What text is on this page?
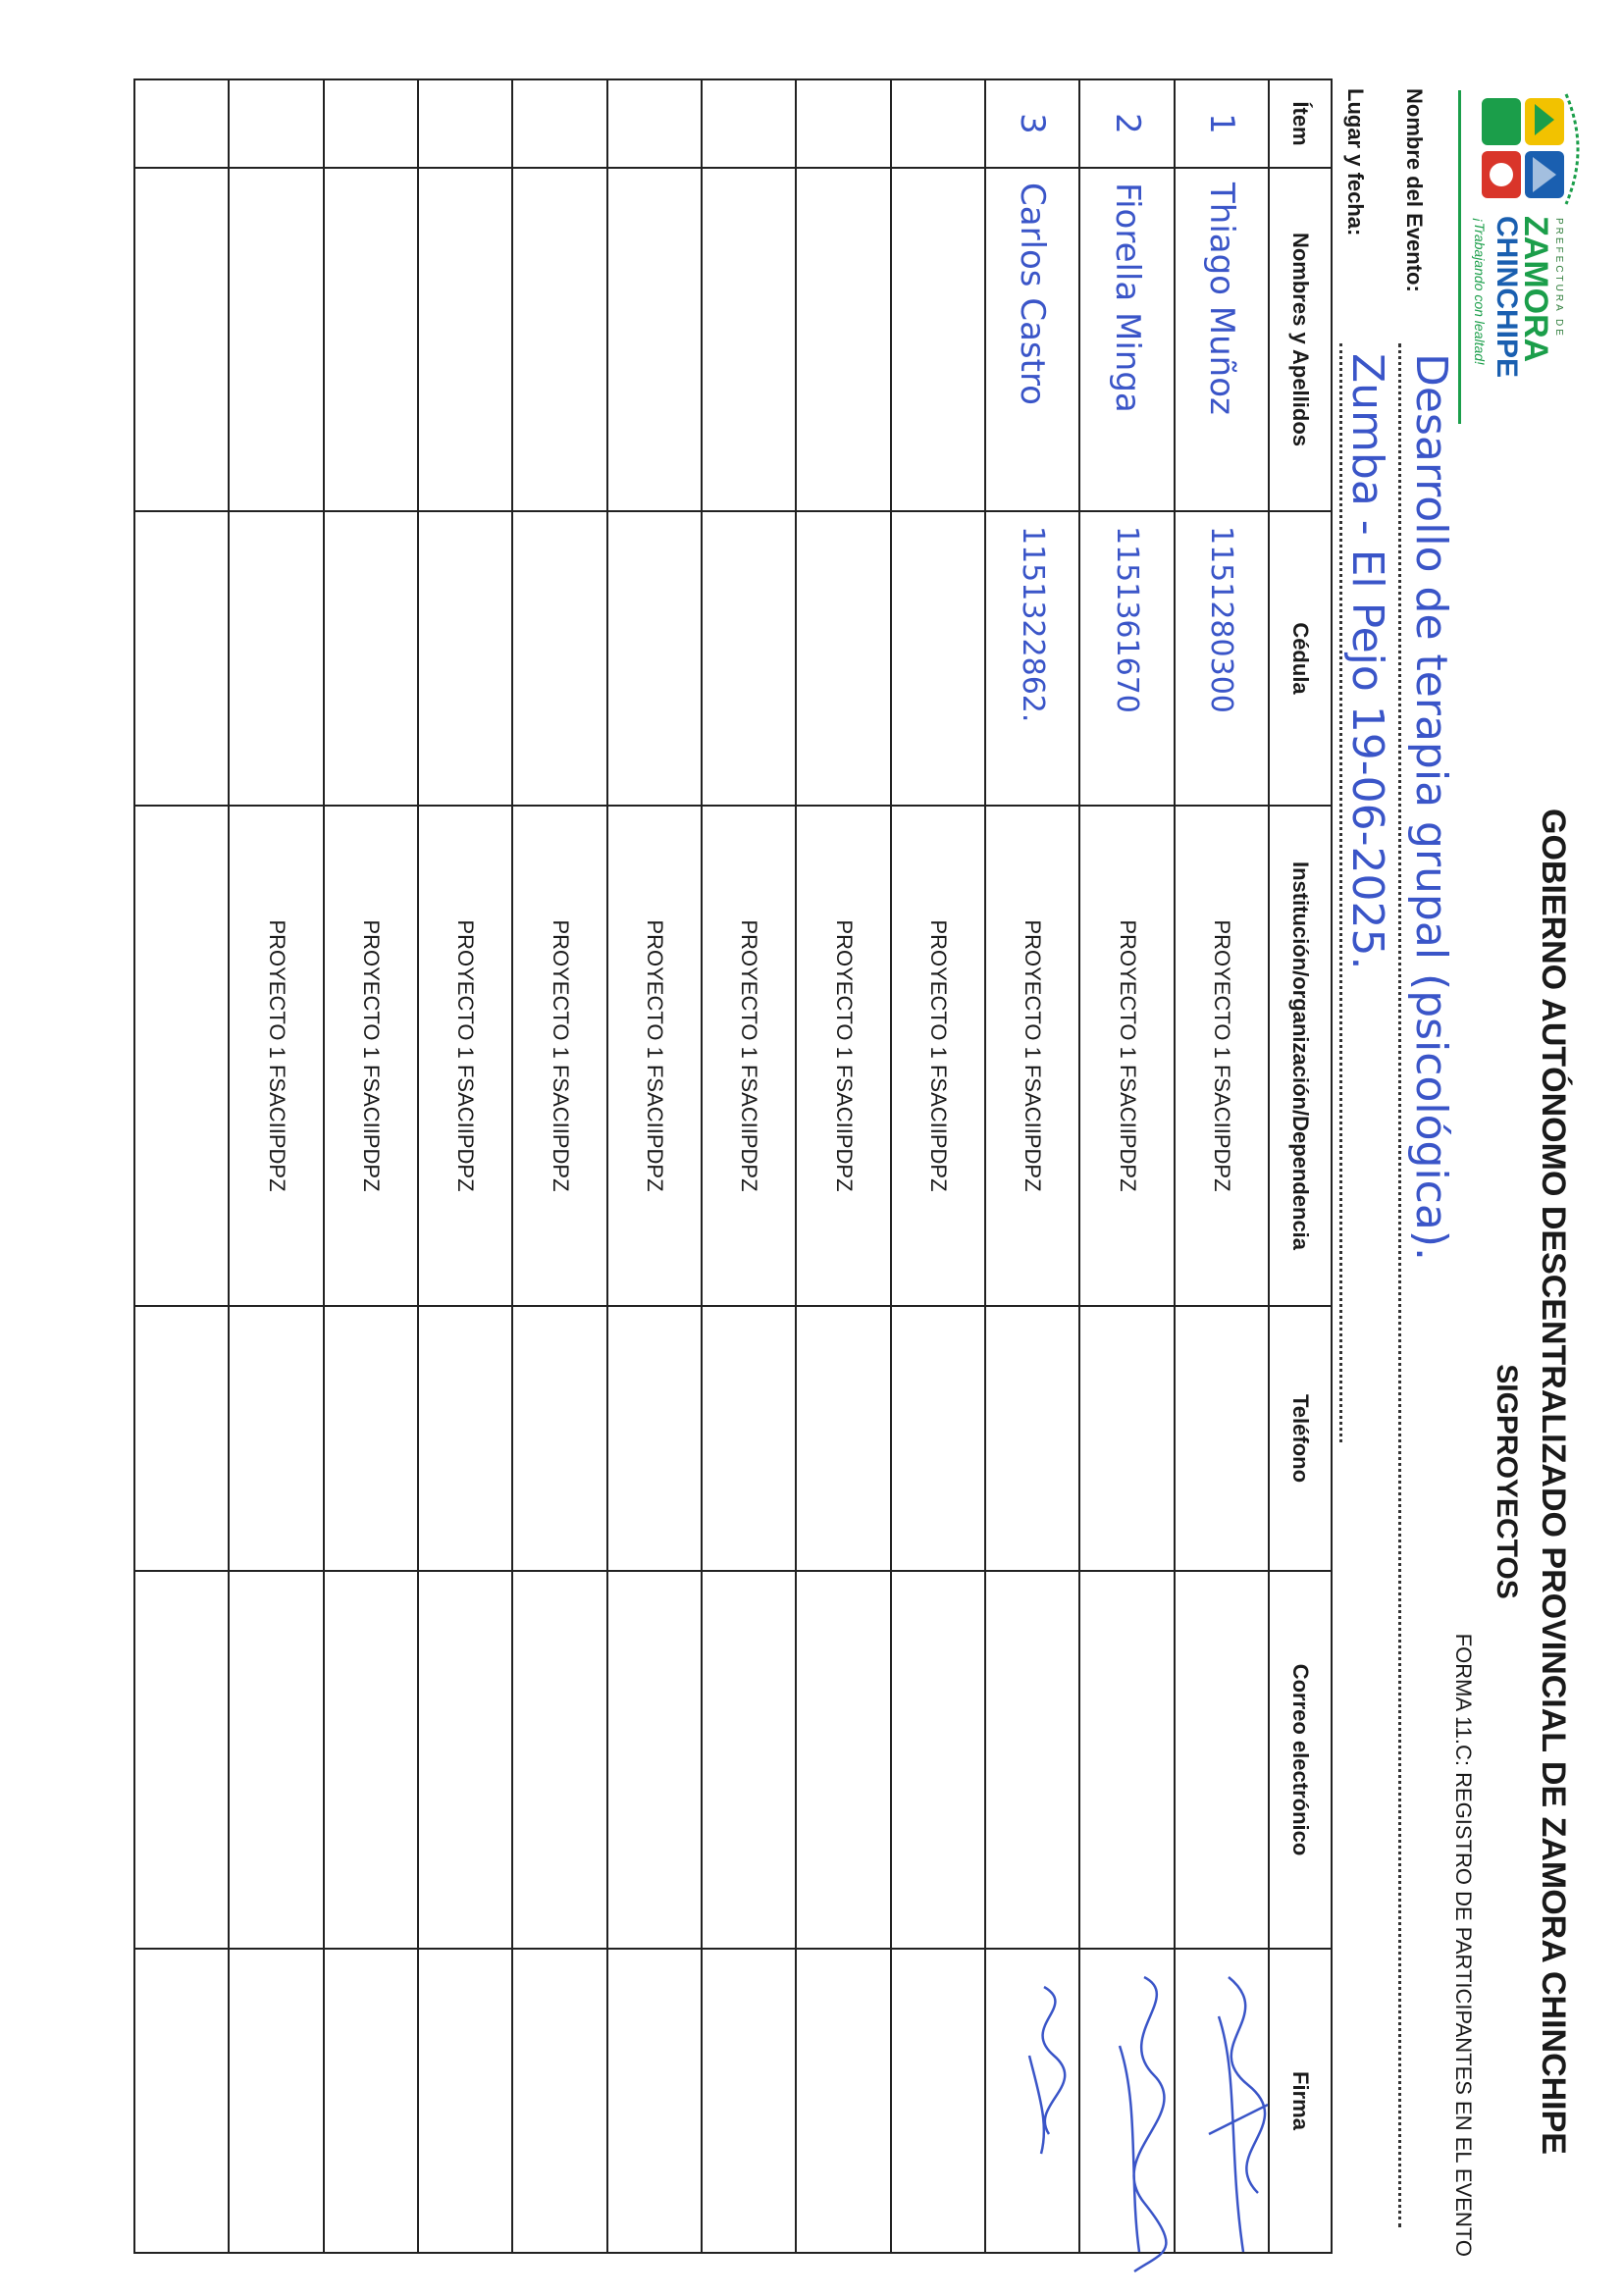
PREFECTURA DE
ZAMORA
CHINCHIPE
¡Trabajando con lealtad!
GOBIERNO AUTÓNOMO DESCENTRALIZADO PROVINCIAL DE ZAMORA CHINCHIPE
SIGPROYECTOS
FORMA 11.C: REGISTRO DE PARTICIPANTES EN EL EVENTO
Nombre del Evento:
Desarrollo de terapia grupal (psicológica).
Lugar y fecha:
Zumba - El Pejo 19-06-2025.
Ítem	Nombres y Apellidos	Cédula	Institución/organización/Dependencia	Teléfono	Correo electrónico	Firma
1	Thiago Muñoz	1151280300	PROYECTO 1 FSACIIPDPZ			

2	Fiorella Minga	1151361670	PROYECTO 1 FSACIIPDPZ			

3	Carlos Castro	1151322862.	PROYECTO 1 FSACIIPDPZ			

			PROYECTO 1 FSACIIPDPZ			
			PROYECTO 1 FSACIIPDPZ			
			PROYECTO 1 FSACIIPDPZ			
			PROYECTO 1 FSACIIPDPZ			
			PROYECTO 1 FSACIIPDPZ			
			PROYECTO 1 FSACIIPDPZ			
			PROYECTO 1 FSACIIPDPZ			
			PROYECTO 1 FSACIIPDPZ			
